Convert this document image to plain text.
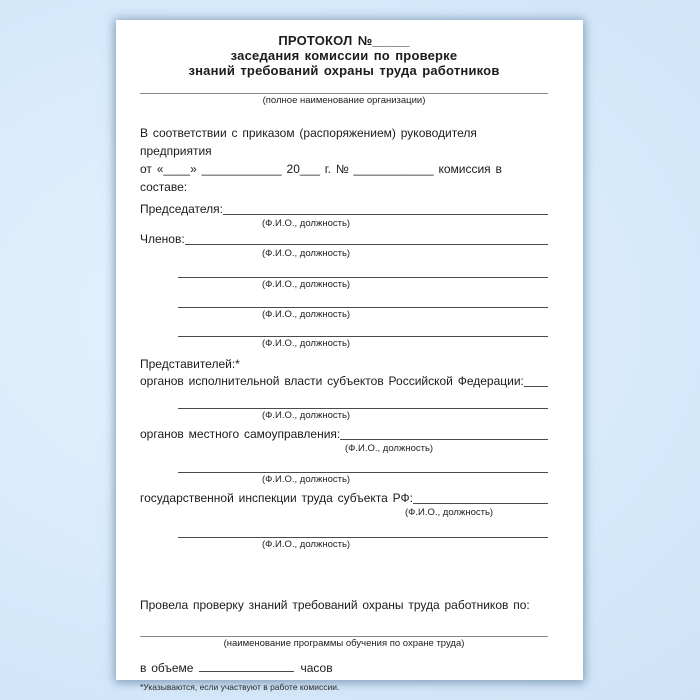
ПРОТОКОЛ №_____
заседания комиссии по проверке
знаний требований охраны труда работников
(полное наименование организации)

В соответствии с приказом (распоряжением) руководителя предприятия
от «____» ____________ 20___ г. № ____________ комиссия в составе:

Председателя:
(Ф.И.О., должность)
Членов:
(Ф.И.О., должность)
(Ф.И.О., должность)
(Ф.И.О., должность)
(Ф.И.О., должность)
Представителей:*
органов исполнительной власти субъектов Российской Федерации:
(Ф.И.О., должность)
органов местного самоуправления:
(Ф.И.О., должность)
(Ф.И.О., должность)
государственной инспекции труда субъекта РФ:
(Ф.И.О., должность)
(Ф.И.О., должность)
Провела проверку знаний требований охраны труда работников по:
(наименование программы обучения по охране труда)
в объеме	часов
*Указываются, если участвуют в работе комиссии.
